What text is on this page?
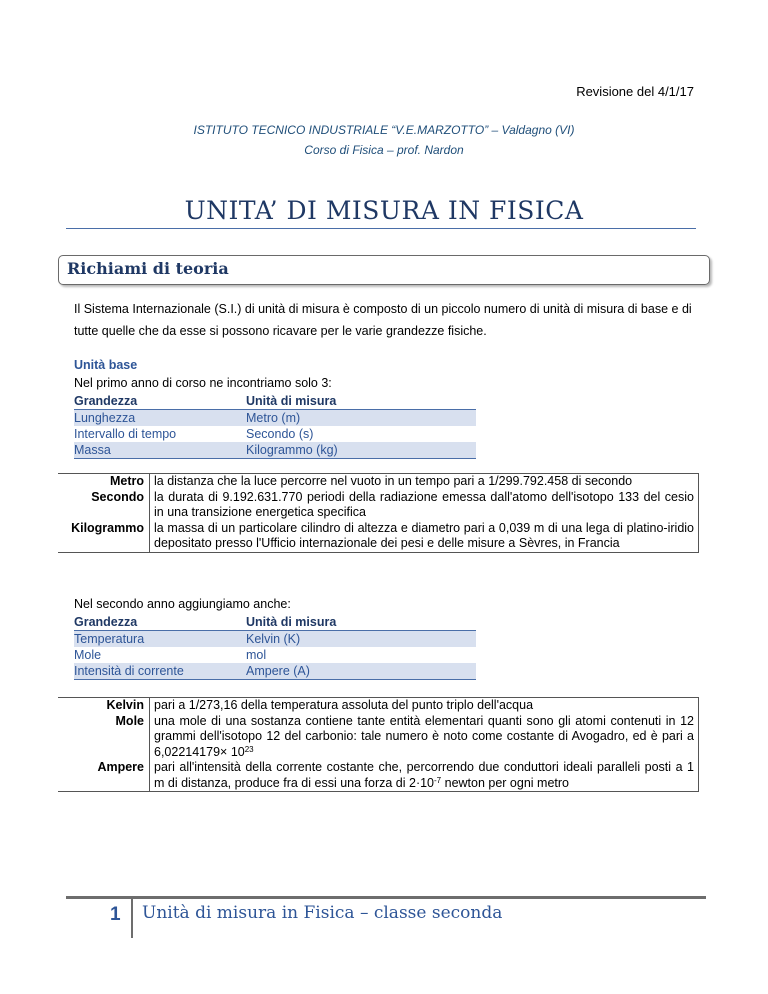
Revisione del 4/1/17
ISTITUTO TECNICO INDUSTRIALE “V.E.MARZOTTO” – Valdagno (VI)
Corso di Fisica – prof. Nardon
UNITA’ DI MISURA IN FISICA
Richiami di teoria
Il Sistema Internazionale (S.I.) di unità di misura è composto di un piccolo numero di unità di misura di base e di tutte quelle che da esse si possono ricavare per le varie grandezze fisiche.
Unità base
Nel primo anno di corso ne incontriamo solo 3:
Grandezza	Unità di misura
Lunghezza	Metro (m)
Intervallo di tempo	Secondo (s)
Massa	Kilogrammo (kg)
Metro	la distanza che la luce percorre nel vuoto in un tempo pari a 1/299.792.458 di secondo
Secondo	la durata di 9.192.631.770 periodi della radiazione emessa dall'atomo dell'isotopo 133 del cesio in una transizione energetica specifica
Kilogrammo	la massa di un particolare cilindro di altezza e diametro pari a 0,039 m di una lega di platino-iridio depositato presso l'Ufficio internazionale dei pesi e delle misure a Sèvres, in Francia
Nel secondo anno aggiungiamo anche:
Grandezza	Unità di misura
Temperatura	Kelvin (K)
Mole	mol
Intensità di corrente	Ampere (A)
Kelvin	pari a 1/273,16 della temperatura assoluta del punto triplo dell'acqua
Mole	una mole di una sostanza contiene tante entità elementari quanti sono gli atomi contenuti in 12 grammi dell'isotopo 12 del carbonio: tale numero è noto come costante di Avogadro, ed è pari a $6,02214179\times 10^{23}$
Ampere	pari all'intensità della corrente costante che, percorrendo due conduttori ideali paralleli posti a 1 m di distanza, produce fra di essi una forza di $2\cdot 10^{-7}$ newton per ogni metro
1 Unità di misura in Fisica – classe seconda
